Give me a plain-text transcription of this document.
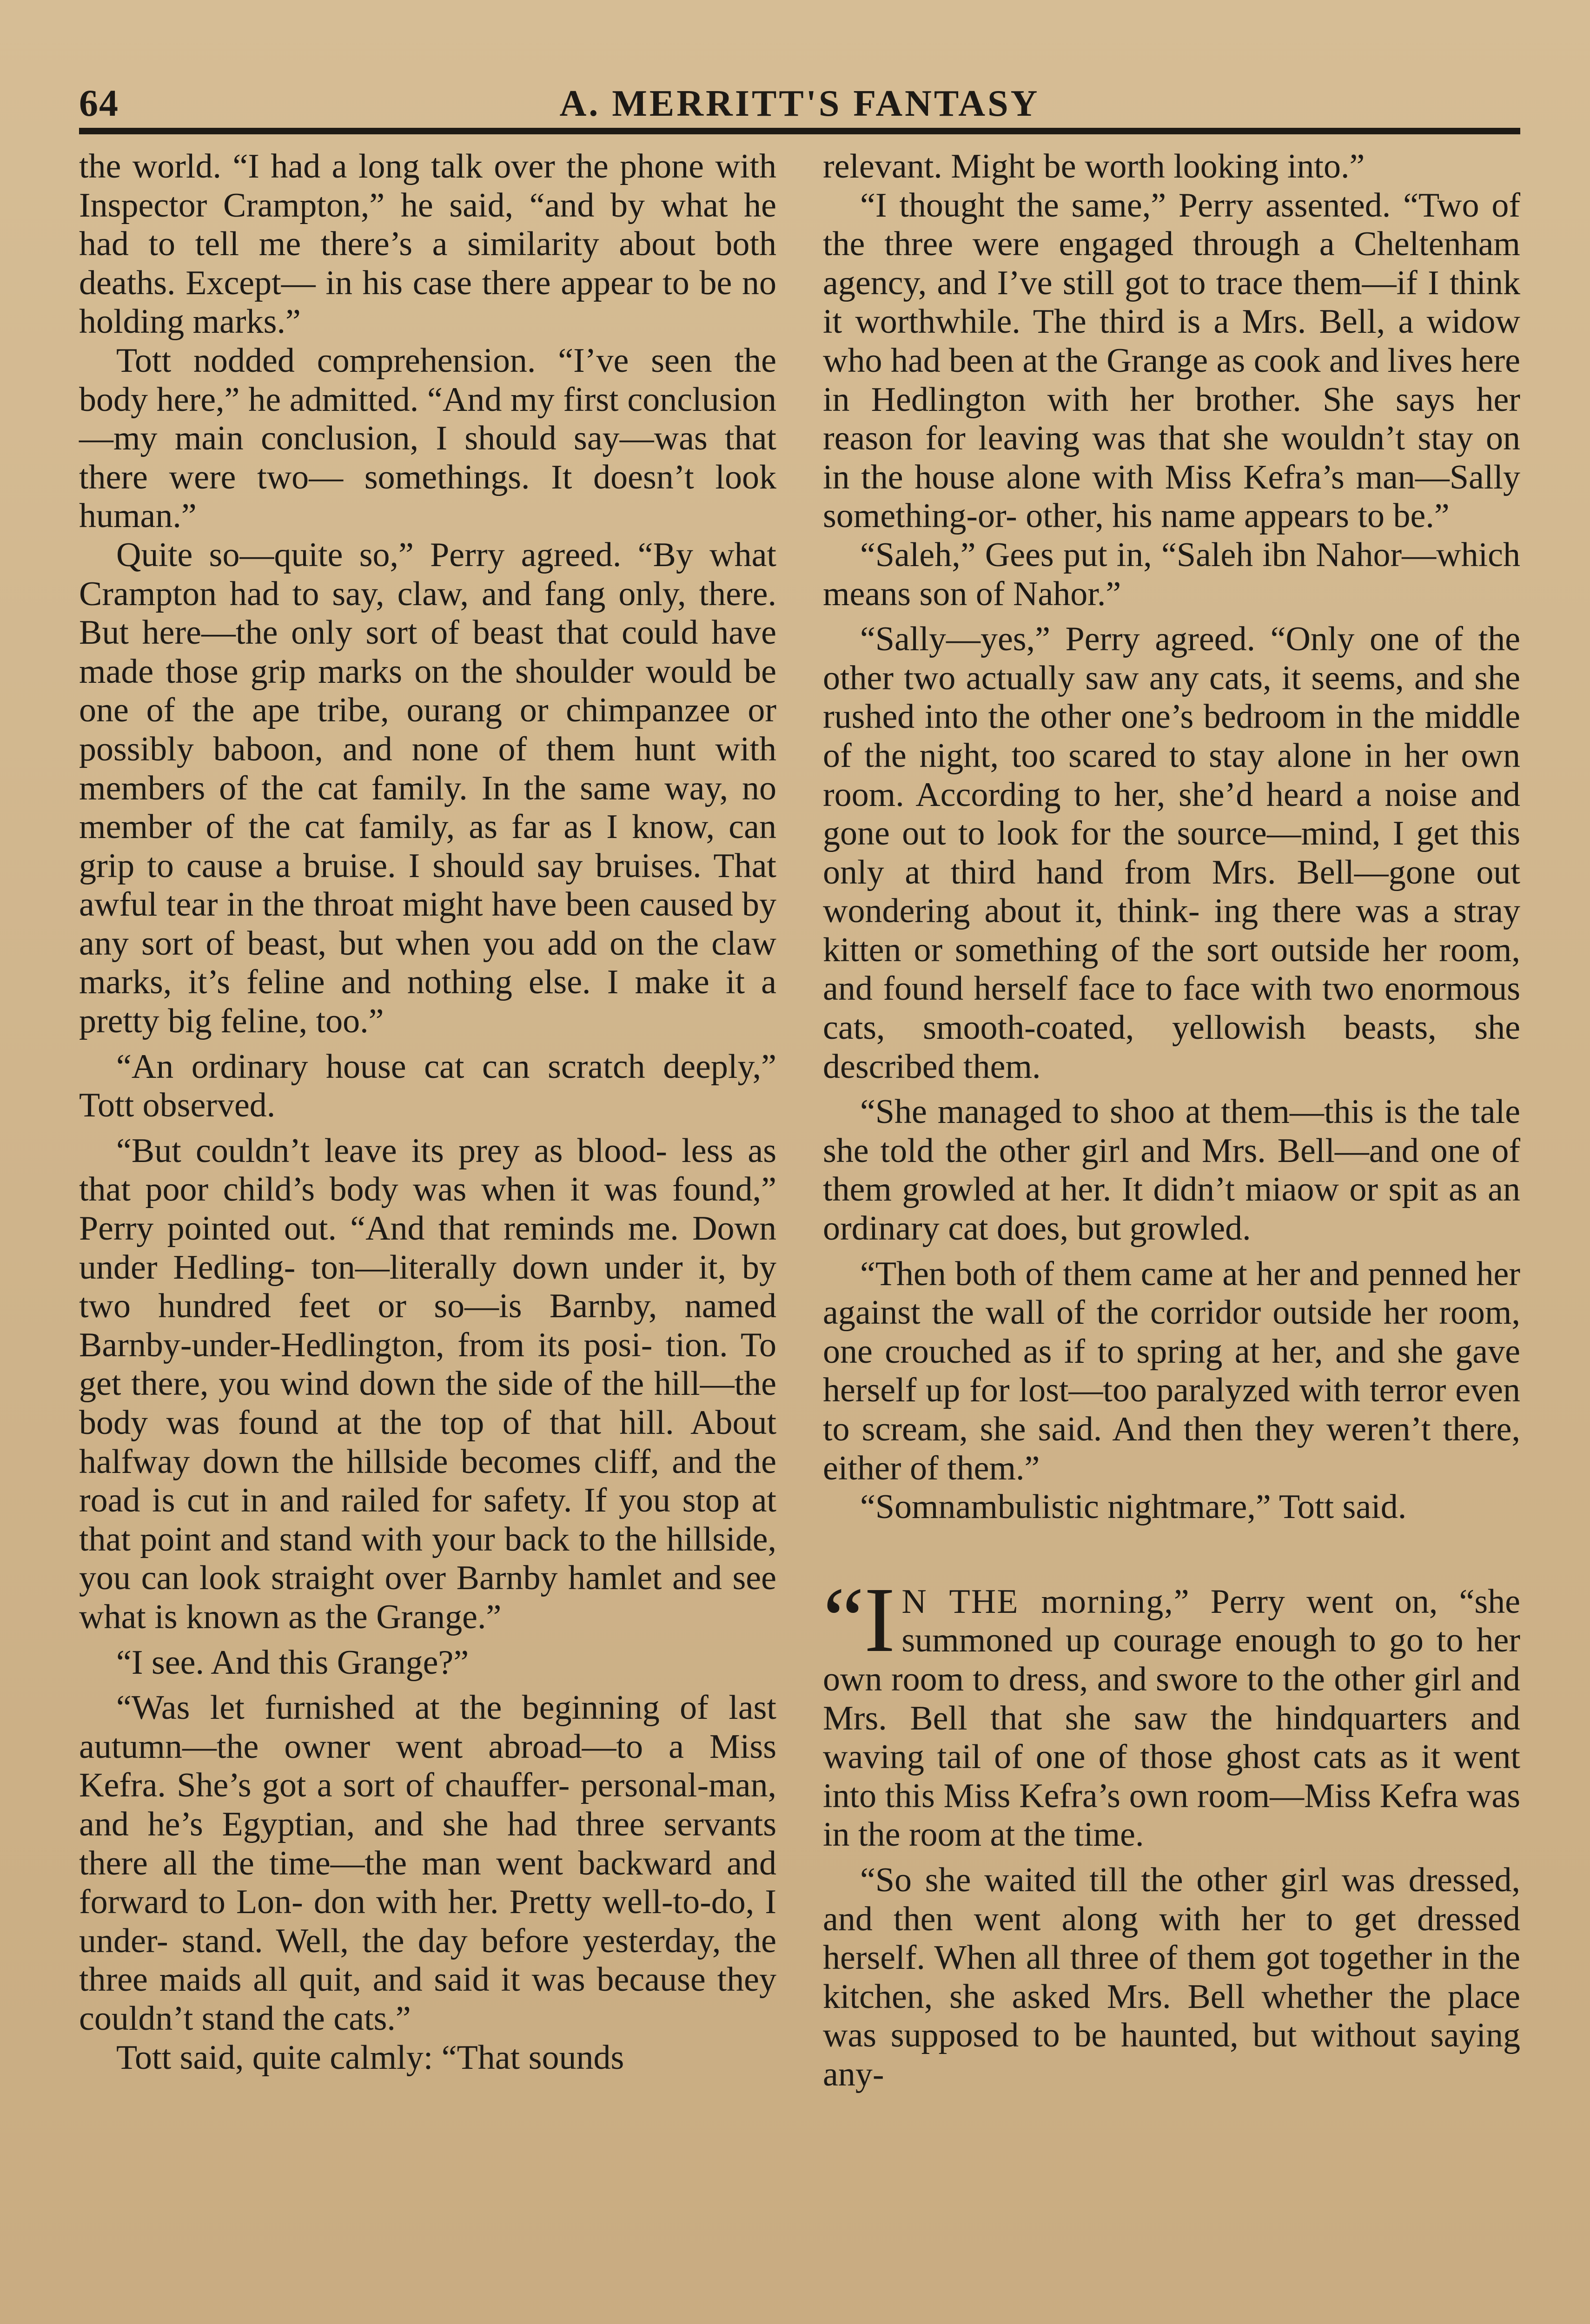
64	A. MERRITT'S FANTASY

the world. “I had a long talk over the phone with Inspector Crampton,” he said, “and by what he had to tell me there’s a similarity about both deaths. Except— in his case there appear to be no holding marks.”

Tott nodded comprehension. “I’ve seen the body here,” he admitted. “And my first conclusion—my main conclusion, I should say—was that there were two— somethings. It doesn’t look human.”

Quite so—quite so,” Perry agreed. “By what Crampton had to say, claw, and fang only, there. But here—the only sort of beast that could have made those grip marks on the shoulder would be one of the ape tribe, ourang or chimpanzee or possibly baboon, and none of them hunt with members of the cat family. In the same way, no member of the cat family, as far as I know, can grip to cause a bruise. I should say bruises. That awful tear in the throat might have been caused by any sort of beast, but when you add on the claw marks, it’s feline and nothing else. I make it a pretty big feline, too.”

“An ordinary house cat can scratch deeply,” Tott observed.

“But couldn’t leave its prey as blood- less as that poor child’s body was when it was found,” Perry pointed out. “And that reminds me. Down under Hedling- ton—literally down under it, by two hundred feet or so—is Barnby, named Barnby-under-Hedlington, from its posi- tion. To get there, you wind down the side of the hill—the body was found at the top of that hill. About halfway down the hillside becomes cliff, and the road is cut in and railed for safety. If you stop at that point and stand with your back to the hillside, you can look straight over Barnby hamlet and see what is known as the Grange.”

“I see. And this Grange?”

“Was let furnished at the beginning of last autumn—the owner went abroad—to a Miss Kefra. She’s got a sort of chauffer- personal-man, and he’s Egyptian, and she had three servants there all the time—the man went backward and forward to Lon- don with her. Pretty well-to-do, I under- stand. Well, the day before yesterday, the three maids all quit, and said it was because they couldn’t stand the cats.”

Tott said, quite calmly: “That sounds

relevant. Might be worth looking into.”

“I thought the same,” Perry assented. “Two of the three were engaged through a Cheltenham agency, and I’ve still got to trace them—if I think it worthwhile. The third is a Mrs. Bell, a widow who had been at the Grange as cook and lives here in Hedlington with her brother. She says her reason for leaving was that she wouldn’t stay on in the house alone with Miss Kefra’s man—Sally something-or- other, his name appears to be.”

“Saleh,” Gees put in, “Saleh ibn Nahor—which means son of Nahor.”

“Sally—yes,” Perry agreed. “Only one of the other two actually saw any cats, it seems, and she rushed into the other one’s bedroom in the middle of the night, too scared to stay alone in her own room. According to her, she’d heard a noise and gone out to look for the source—mind, I get this only at third hand from Mrs. Bell—gone out wondering about it, think- ing there was a stray kitten or something of the sort outside her room, and found herself face to face with two enormous cats, smooth-coated, yellowish beasts, she described them.

“She managed to shoo at them—this is the tale she told the other girl and Mrs. Bell—and one of them growled at her. It didn’t miaow or spit as an ordinary cat does, but growled.

“Then both of them came at her and penned her against the wall of the corridor outside her room, one crouched as if to spring at her, and she gave herself up for lost—too paralyzed with terror even to scream, she said. And then they weren’t there, either of them.”

“Somnambulistic nightmare,” Tott said.

“I N THE morning,” Perry went on, “she summoned up courage enough to go to her own room to dress, and swore to the other girl and Mrs. Bell that she saw the hindquarters and waving tail of one of those ghost cats as it went into this Miss Kefra’s own room—Miss Kefra was in the room at the time.

“So she waited till the other girl was dressed, and then went along with her to get dressed herself. When all three of them got together in the kitchen, she asked Mrs. Bell whether the place was supposed to be haunted, but without saying any-
